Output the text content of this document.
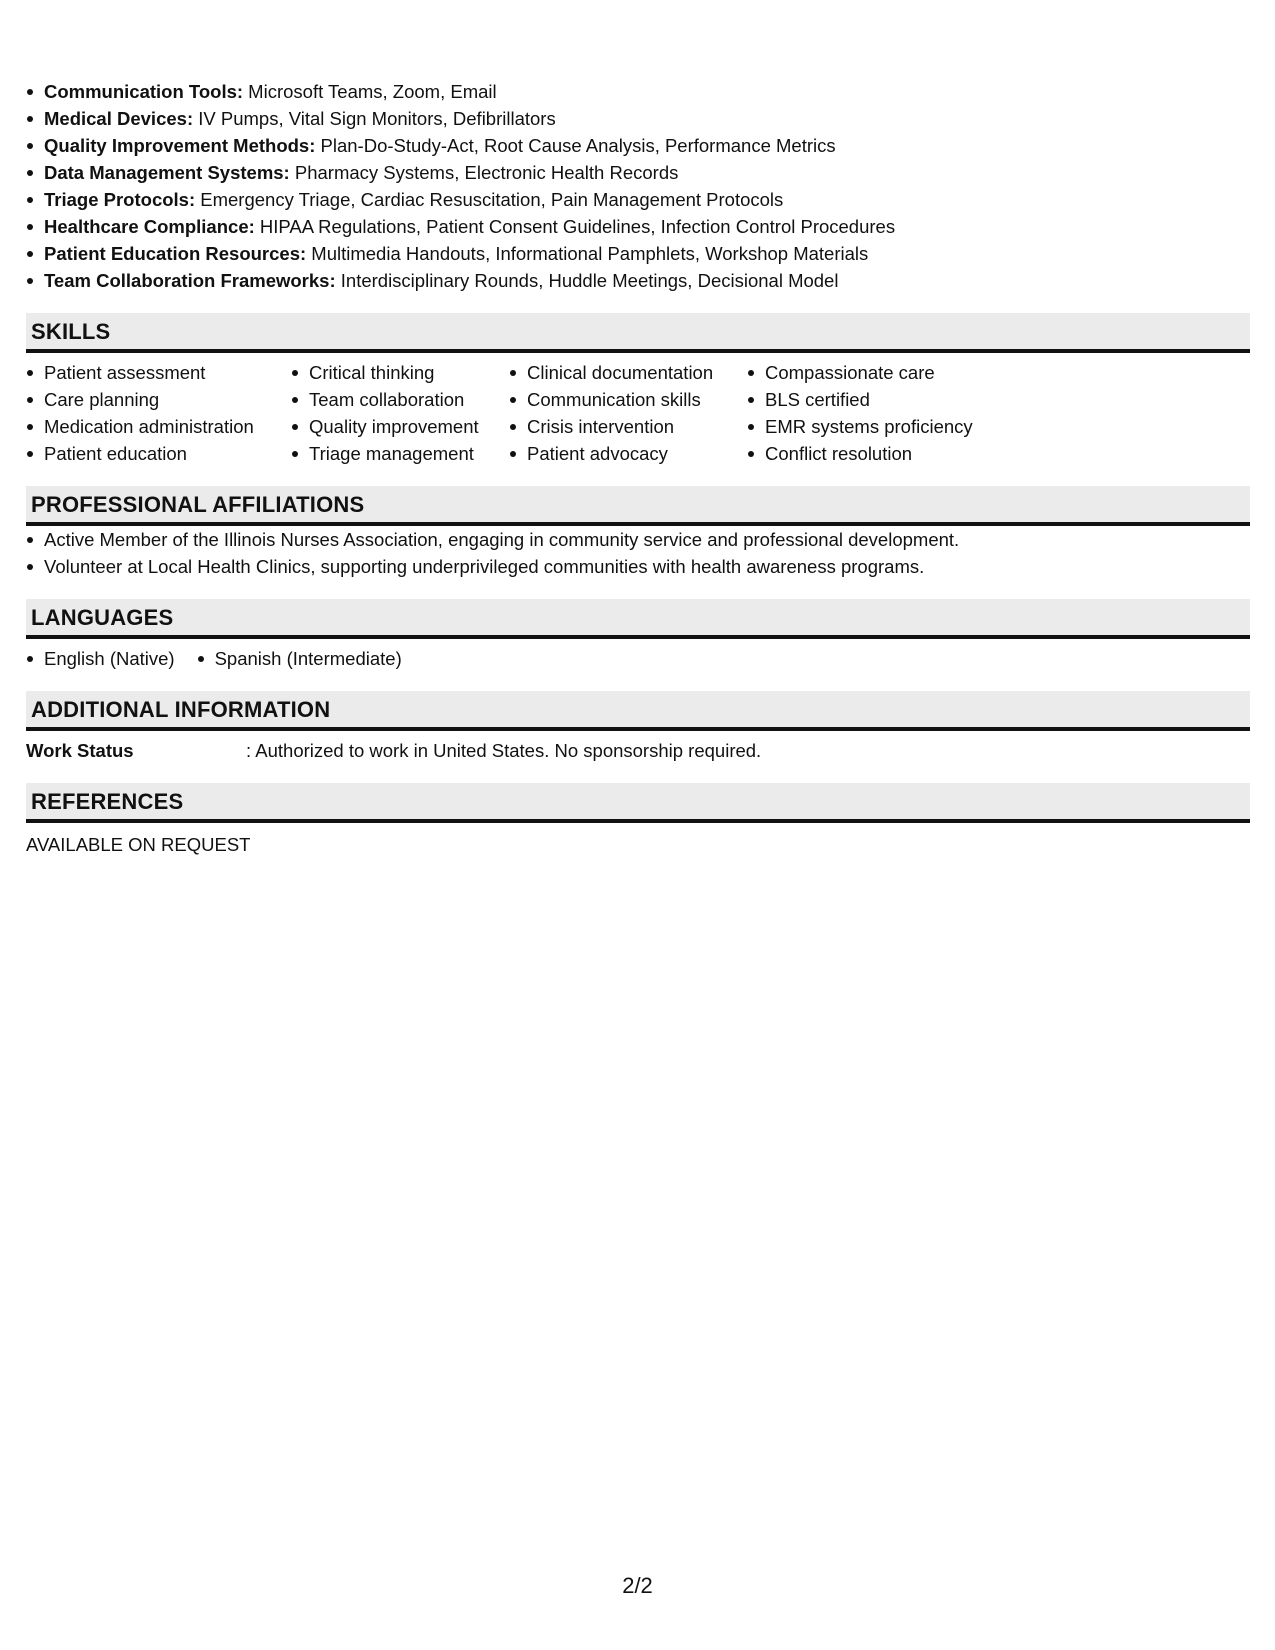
Communication Tools: Microsoft Teams, Zoom, Email
Medical Devices: IV Pumps, Vital Sign Monitors, Defibrillators
Quality Improvement Methods: Plan-Do-Study-Act, Root Cause Analysis, Performance Metrics
Data Management Systems: Pharmacy Systems, Electronic Health Records
Triage Protocols: Emergency Triage, Cardiac Resuscitation, Pain Management Protocols
Healthcare Compliance: HIPAA Regulations, Patient Consent Guidelines, Infection Control Procedures
Patient Education Resources: Multimedia Handouts, Informational Pamphlets, Workshop Materials
Team Collaboration Frameworks: Interdisciplinary Rounds, Huddle Meetings, Decisional Model
SKILLS
Patient assessment
Care planning
Medication administration
Patient education
Critical thinking
Team collaboration
Quality improvement
Triage management
Clinical documentation
Communication skills
Crisis intervention
Patient advocacy
Compassionate care
BLS certified
EMR systems proficiency
Conflict resolution
PROFESSIONAL AFFILIATIONS
Active Member of the Illinois Nurses Association, engaging in community service and professional development.
Volunteer at Local Health Clinics, supporting underprivileged communities with health awareness programs.
LANGUAGES
English (Native)	Spanish (Intermediate)
ADDITIONAL INFORMATION
Work Status	: Authorized to work in United States. No sponsorship required.
REFERENCES
AVAILABLE ON REQUEST
2/2
